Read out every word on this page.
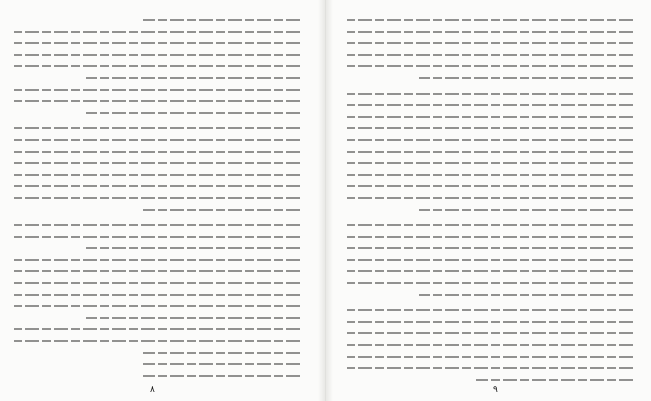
٨	٩
